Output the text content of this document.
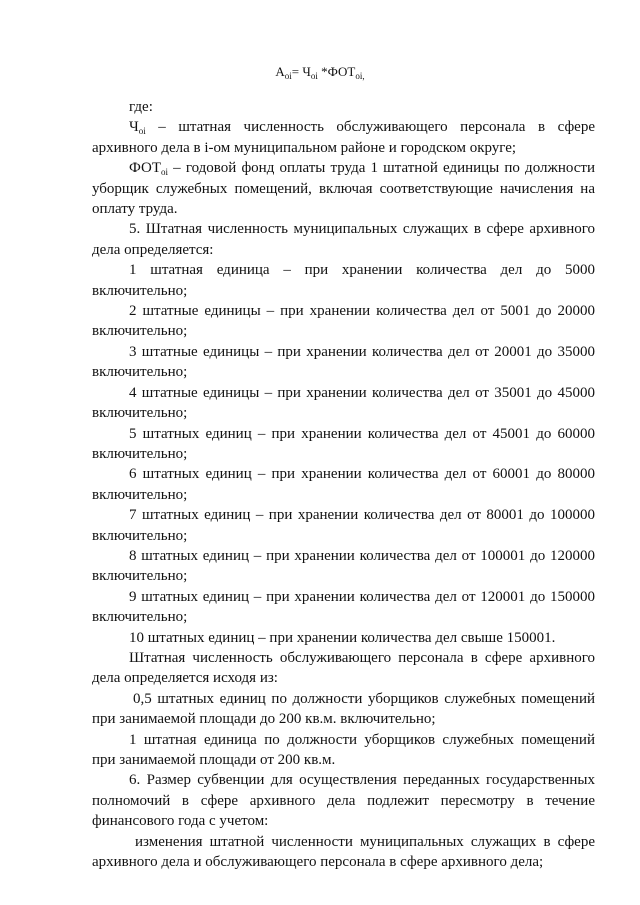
$А_{оi}= Ч_{оi}$ $*ФОТ_{оi,}$

где:

$Ч_{оi}$ – штатная численность обслуживающего персонала в сфере архивного дела в i-ом муниципальном районе и городском округе;

$ФОТ_{оi}$ – годовой фонд оплаты труда 1 штатной единицы по должности уборщик служебных помещений, включая соответствующие начисления на оплату труда.

5. Штатная численность муниципальных служащих в сфере архивного дела определяется:

1 штатная единица – при хранении количества дел до 5000 включительно;

2 штатные единицы – при хранении количества дел от 5001 до 20000 включительно;

3 штатные единицы – при хранении количества дел от 20001 до 35000 включительно;

4 штатные единицы – при хранении количества дел от 35001 до 45000 включительно;

5 штатных единиц – при хранении количества дел от 45001 до 60000 включительно;

6 штатных единиц – при хранении количества дел от 60001 до 80000 включительно;

7 штатных единиц – при хранении количества дел от 80001 до 100000 включительно;

8 штатных единиц – при хранении количества дел от 100001 до 120000 включительно;

9 штатных единиц – при хранении количества дел от 120001 до 150000 включительно;

10 штатных единиц – при хранении количества дел свыше 150001.

Штатная численность обслуживающего персонала в сфере архивного дела определяется исходя из:

0,5 штатных единиц по должности уборщиков служебных помещений при занимаемой площади до 200 кв.м. включительно;

1 штатная единица по должности уборщиков служебных помещений при занимаемой площади от 200 кв.м.

6. Размер субвенции для осуществления переданных государственных полномочий в сфере архивного дела подлежит пересмотру в течение финансового года с учетом:

изменения штатной численности муниципальных служащих в сфере архивного дела и обслуживающего персонала в сфере архивного дела;
